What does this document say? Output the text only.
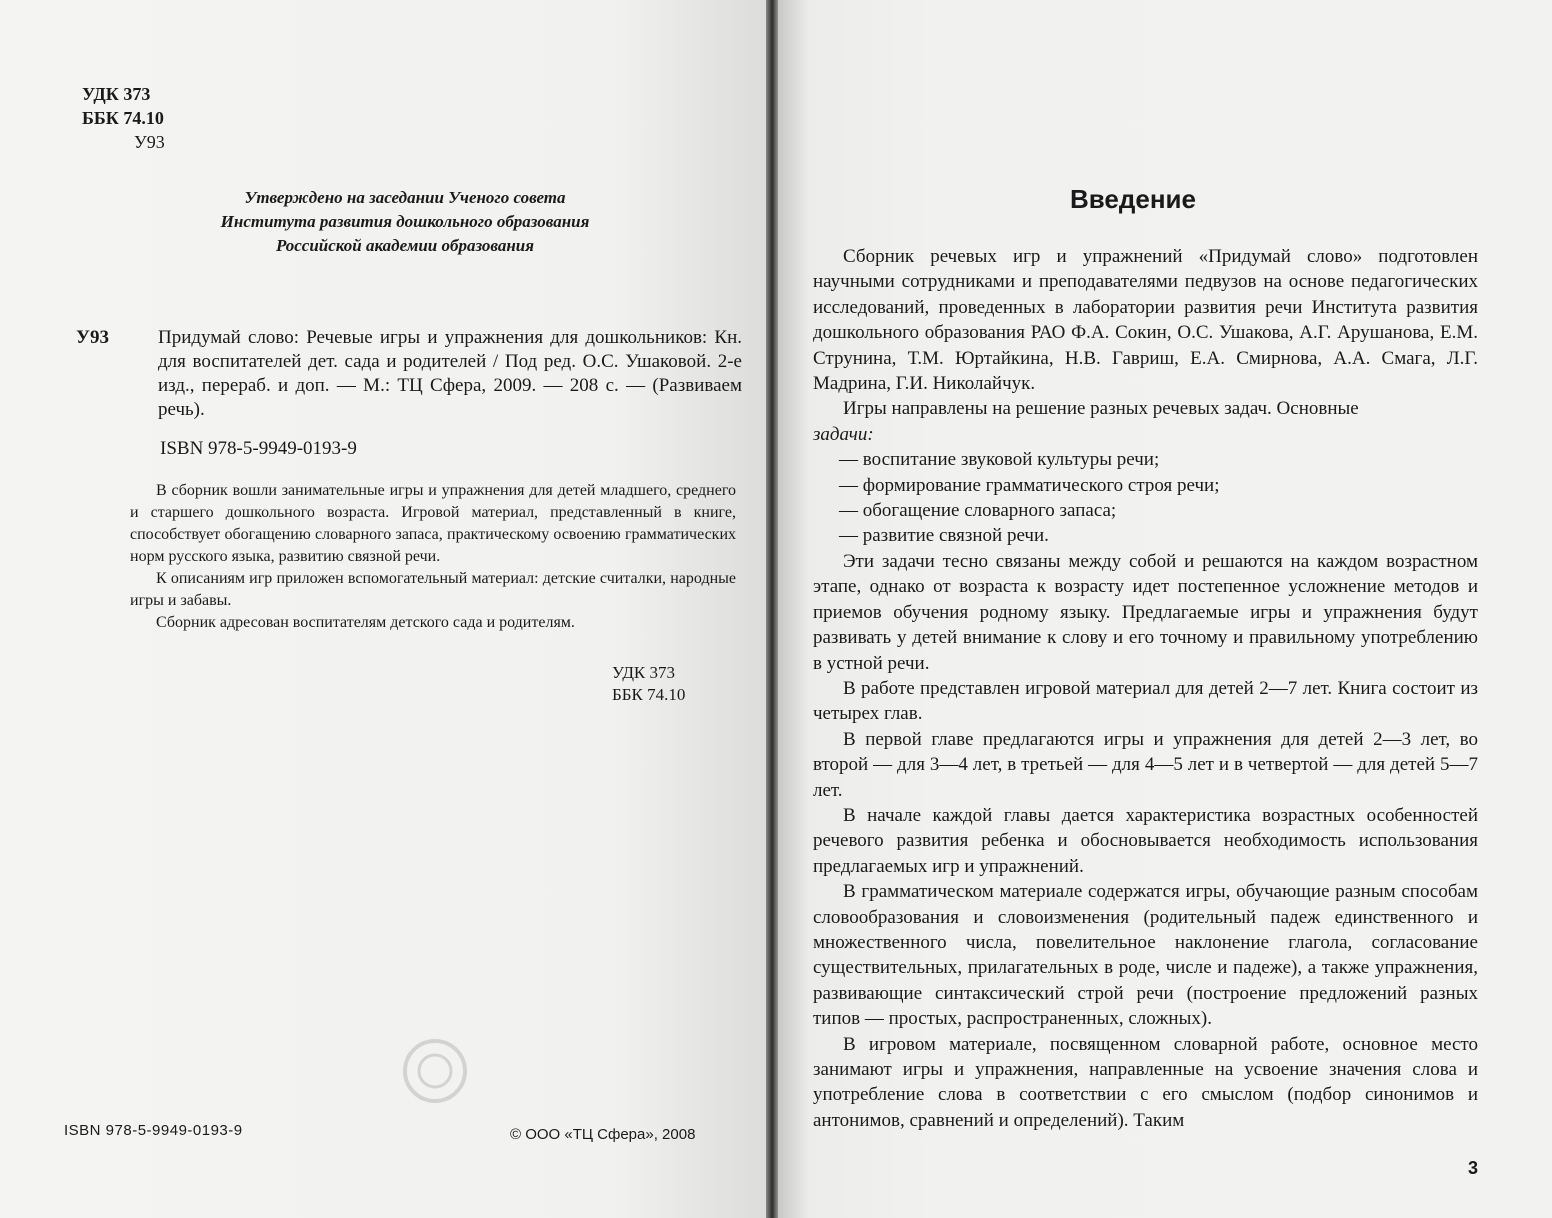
УДК 373
ББК 74.10
У93
Утверждено на заседании Ученого совета
Института развития дошкольного образования
Российской академии образования
У93	Придумай слово: Речевые игры и упражнения для дошкольников: Кн. для воспитателей дет. сада и родителей / Под ред. О.С. Ушаковой. 2-е изд., перераб. и доп. — М.: ТЦ Сфера, 2009. — 208 с. — (Развиваем речь).
ISBN 978-5-9949-0193-9

В сборник вошли занимательные игры и упражнения для детей младшего, среднего и старшего дошкольного возраста. Игровой материал, представленный в книге, способствует обогащению словарного запаса, практическому освоению грамматических норм русского языка, развитию связной речи.

К описаниям игр приложен вспомогательный материал: детские считалки, народные игры и забавы.

Сборник адресован воспитателям детского сада и родителям.

УДК 373
ББК 74.10
ISBN 978-5-9949-0193-9	© ООО «ТЦ Сфера», 2008
Введение

Сборник речевых игр и упражнений «Придумай слово» подготовлен научными сотрудниками и преподавателями педвузов на основе педагогических исследований, проведенных в лаборатории развития речи Института развития дошкольного образования РАО Ф.А. Сокин, О.С. Ушакова, А.Г. Арушанова, Е.М. Струнина, Т.М. Юртайкина, Н.В. Гавриш, Е.А. Смирнова, А.А. Смага, Л.Г. Мадрина, Г.И. Николайчук.

Игры направлены на решение разных речевых задач. Основные

задачи:

— воспитание звуковой культуры речи;

— формирование грамматического строя речи;

— обогащение словарного запаса;

— развитие связной речи.

Эти задачи тесно связаны между собой и решаются на каждом возрастном этапе, однако от возраста к возрасту идет постепенное усложнение методов и приемов обучения родному языку. Предлагаемые игры и упражнения будут развивать у детей внимание к слову и его точному и правильному употреблению в устной речи.

В работе представлен игровой материал для детей 2—7 лет. Книга состоит из четырех глав.

В первой главе предлагаются игры и упражнения для детей 2—3 лет, во второй — для 3—4 лет, в третьей — для 4—5 лет и в четвертой — для детей 5—7 лет.

В начале каждой главы дается характеристика возрастных особенностей речевого развития ребенка и обосновывается необходимость использования предлагаемых игр и упражнений.

В грамматическом материале содержатся игры, обучающие разным способам словообразования и словоизменения (родительный падеж единственного и множественного числа, повелительное наклонение глагола, согласование существительных, прилагательных в роде, числе и падеже), а также упражнения, развивающие синтаксический строй речи (построение предложений разных типов — простых, распространенных, сложных).

В игровом материале, посвященном словарной работе, основное место занимают игры и упражнения, направленные на усвоение значения слова и употребление слова в соответствии с его смыслом (подбор синонимов и антонимов, сравнений и определений). Таким

3
